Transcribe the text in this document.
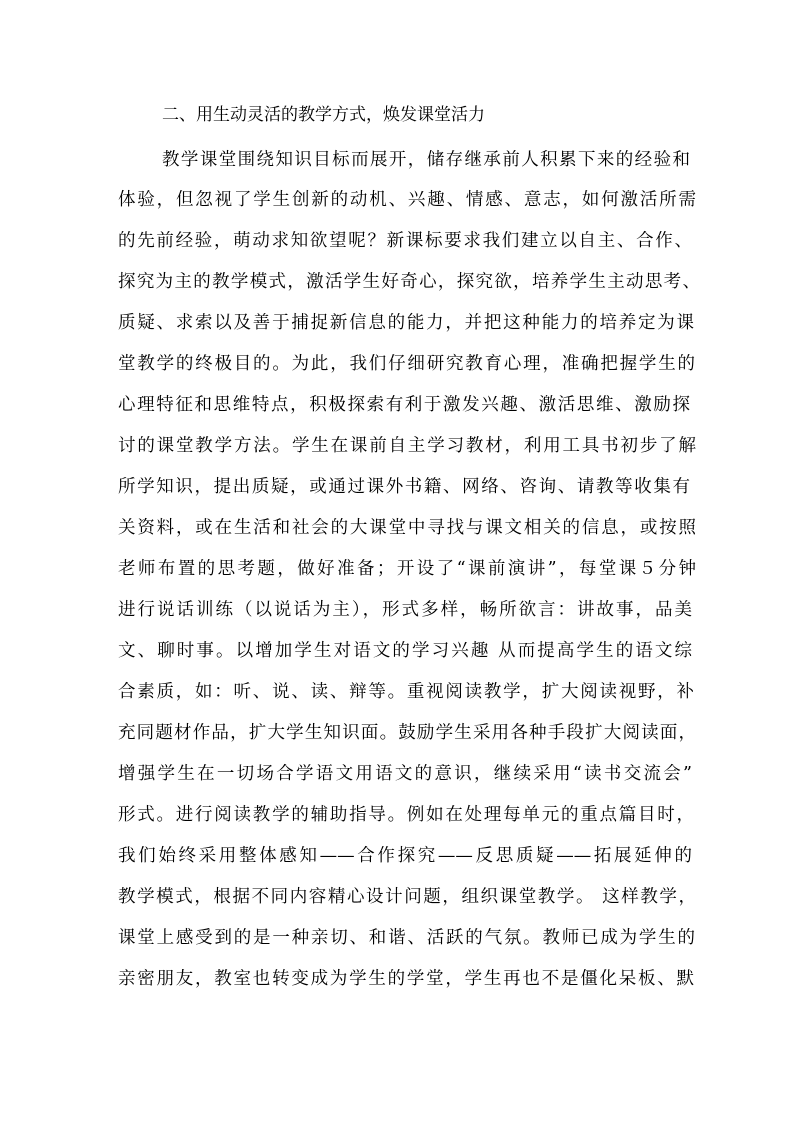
二、用生动灵活的教学方式，焕发课堂活力
教学课堂围绕知识目标而展开，储存继承前人积累下来的经验和
体验，但忽视了学生创新的动机、兴趣、情感、意志，如何激活所需
的先前经验，萌动求知欲望呢？新课标要求我们建立以自主、合作、
探究为主的教学模式，激活学生好奇心，探究欲，培养学生主动思考、
质疑、求索以及善于捕捉新信息的能力，并把这种能力的培养定为课
堂教学的终极目的。为此，我们仔细研究教育心理，准确把握学生的
心理特征和思维特点，积极探索有利于激发兴趣、激活思维、激励探
讨的课堂教学方法。学生在课前自主学习教材，利用工具书初步了解
所学知识，提出质疑，或通过课外书籍、网络、咨询、请教等收集有
关资料，或在生活和社会的大课堂中寻找与课文相关的信息，或按照
老师布置的思考题，做好准备；开设了“课前演讲”，每堂课５分钟
进行说话训练（以说话为主），形式多样，畅所欲言：讲故事，品美
文、聊时事。以增加学生对语文的学习兴趣 从而提高学生的语文综
合素质，如：听、说、读、辩等。重视阅读教学，扩大阅读视野，补
充同题材作品，扩大学生知识面。鼓励学生采用各种手段扩大阅读面，
增强学生在一切场合学语文用语文的意识，继续采用“读书交流会”
形式。进行阅读教学的辅助指导。例如在处理每单元的重点篇目时，
我们始终采用整体感知——合作探究——反思质疑——拓展延伸的
教学模式，根据不同内容精心设计问题，组织课堂教学。 这样教学，
课堂上感受到的是一种亲切、和谐、活跃的气氛。教师已成为学生的
亲密朋友，教室也转变成为学生的学堂，学生再也不是僵化呆板、默
